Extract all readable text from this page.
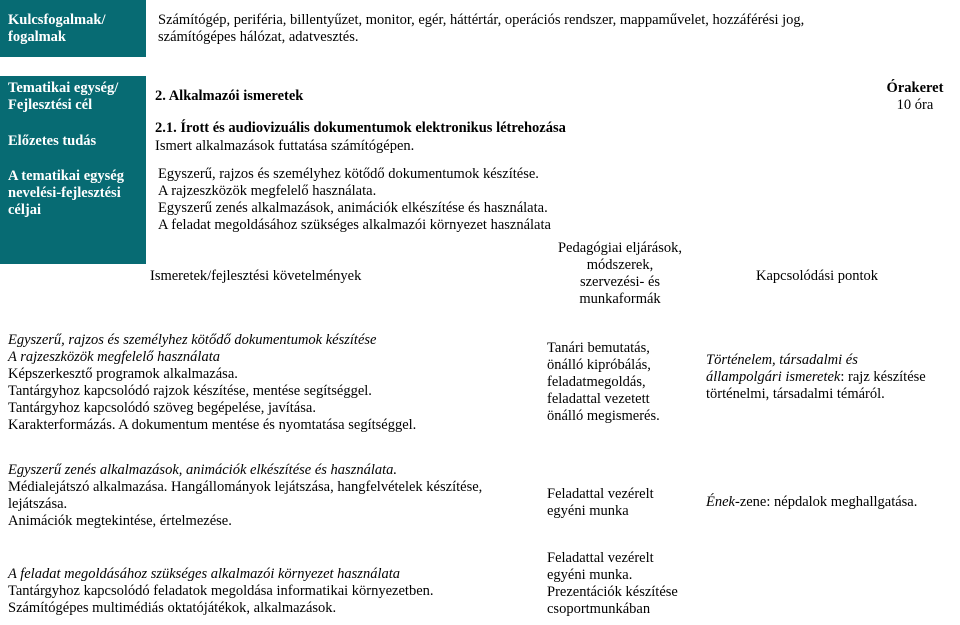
Kulcsfogalmak/
fogalmak
Számítógép, periféria, billentyűzet, monitor, egér, háttértár, operációs rendszer, mappaművelet, hozzáférési jog,
számítógépes hálózat, adatvesztés.
Tematikai egység/
Fejlesztési cél
Előzetes tudás
A tematikai egység
nevelési-fejlesztési
céljai
2. Alkalmazói ismeretek	Órakeret
10 óra
2.1. Írott és audiovizuális dokumentumok elektronikus létrehozása
Ismert alkalmazások futtatása számítógépen.
Egyszerű, rajzos és személyhez kötődő dokumentumok készítése.
A rajzeszközök megfelelő használata.
Egyszerű zenés alkalmazások, animációk elkészítése és használata.
A feladat megoldásához szükséges alkalmazói környezet használata
Ismeretek/fejlesztési követelmények
Pedagógiai eljárások,
módszerek,
szervezési- és
munkaformák
Kapcsolódási pontok
Egyszerű, rajzos és személyhez kötődő dokumentumok készítése
A rajzeszközök megfelelő használata
Képszerkesztő programok alkalmazása.
Tantárgyhoz kapcsolódó rajzok készítése, mentése segítséggel.
Tantárgyhoz kapcsolódó szöveg begépelése, javítása.
Karakterformázás. A dokumentum mentése és nyomtatása segítséggel.
Tanári bemutatás,
önálló kipróbálás,
feladatmegoldás,
feladattal vezetett
önálló megismerés.
Történelem, társadalmi és
állampolgári ismeretek: rajz készítése
történelmi, társadalmi témáról.
Egyszerű zenés alkalmazások, animációk elkészítése és használata.
Médialejátszó alkalmazása. Hangállományok lejátszása, hangfelvételek készítése,
lejátszása.
Animációk megtekintése, értelmezése.
Feladattal vezérelt
egyéni munka
Ének-zene: népdalok meghallgatása.
A feladat megoldásához szükséges alkalmazói környezet használata
Tantárgyhoz kapcsolódó feladatok megoldása informatikai környezetben.
Számítógépes multimédiás oktatójátékok, alkalmazások.
Feladattal vezérelt
egyéni munka.
Prezentációk készítése
csoportmunkában
